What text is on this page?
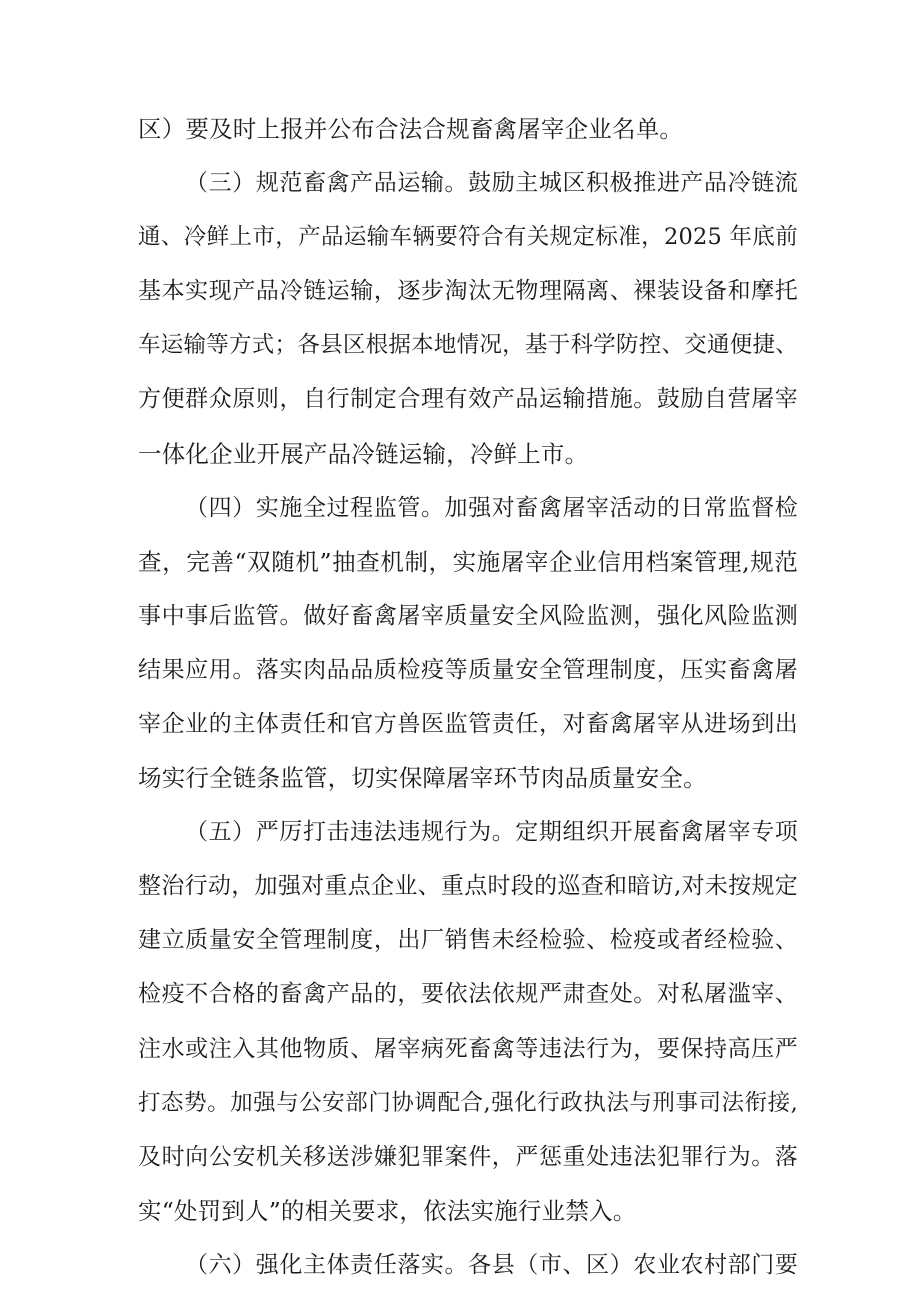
区）要及时上报并公布合法合规畜禽屠宰企业名单。
（三）规范畜禽产品运输。鼓励主城区积极推进产品冷链流
通、冷鲜上市，产品运输车辆要符合有关规定标准，2025 年底前
基本实现产品冷链运输，逐步淘汰无物理隔离、裸装设备和摩托
车运输等方式；各县区根据本地情况，基于科学防控、交通便捷、
方便群众原则，自行制定合理有效产品运输措施。鼓励自营屠宰
一体化企业开展产品冷链运输，冷鲜上市。
（四）实施全过程监管。加强对畜禽屠宰活动的日常监督检
查，完善“双随机”抽查机制，实施屠宰企业信用档案管理,规范
事中事后监管。做好畜禽屠宰质量安全风险监测，强化风险监测
结果应用。落实肉品品质检疫等质量安全管理制度，压实畜禽屠
宰企业的主体责任和官方兽医监管责任，对畜禽屠宰从进场到出
场实行全链条监管，切实保障屠宰环节肉品质量安全。
（五）严厉打击违法违规行为。定期组织开展畜禽屠宰专项
整治行动，加强对重点企业、重点时段的巡查和暗访,对未按规定
建立质量安全管理制度，出厂销售未经检验、检疫或者经检验、
检疫不合格的畜禽产品的，要依法依规严肃查处。对私屠滥宰、
注水或注入其他物质、屠宰病死畜禽等违法行为，要保持高压严
打态势。加强与公安部门协调配合,强化行政执法与刑事司法衔接,
及时向公安机关移送涉嫌犯罪案件，严惩重处违法犯罪行为。落
实“处罚到人”的相关要求，依法实施行业禁入。
（六）强化主体责任落实。各县（市、区）农业农村部门要
